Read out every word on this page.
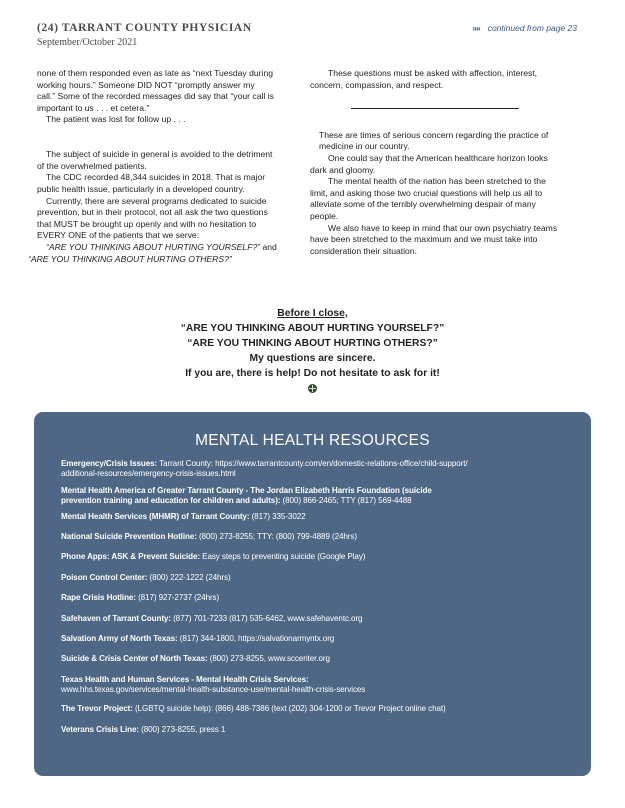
(24) TARRANT COUNTY PHYSICIAN
September/October 2021
»» continued from page 23

none of them responded even as late as “next Tuesday during
working hours.” Someone DID NOT “promptly answer my
call.” Some of the recorded messages did say that “your call is
important to us . . . et cetera.”

The patient was lost for follow up . . .

The subject of suicide in general is avoided to the detriment
of the overwhelmed patients.

The CDC recorded 48,344 suicides in 2018. That is major
public health issue, particularly in a developed country.

Currently, there are several programs dedicated to suicide
prevention, but in their protocol, not all ask the two questions
that MUST be brought up openly and with no hesitation to
EVERY ONE of the patients that we serve:

“ARE YOU THINKING ABOUT HURTING YOURSELF?” and
“ARE YOU THINKING ABOUT HURTING OTHERS?”

These questions must be asked with affection, interest,
concern, compassion, and respect.

These are times of serious concern regarding the practice of
medicine in our country.

One could say that the American healthcare horizon looks
dark and gloomy.

The mental health of the nation has been stretched to the
limit, and asking those two crucial questions will help us all to
alleviate some of the terribly overwhelming despair of many
people.

We also have to keep in mind that our own psychiatry teams
have been stretched to the maximum and we must take into
consideration their situation.

Before I close,
“ARE YOU THINKING ABOUT HURTING YOURSELF?”
“ARE YOU THINKING ABOUT HURTING OTHERS?”
My questions are sincere.
If you are, there is help! Do not hesitate to ask for it!
MENTAL HEALTH RESOURCES
Emergency/Crisis Issues: Tarrant County: https://www.tarrantcounty.com/en/domestic-relations-office/child-support/
additional-resources/emergency-crisis-issues.html
Mental Health America of Greater Tarrant County - The Jordan Elizabeth Harris Foundation (suicide
prevention training and education for children and adults): (800) 866-2465; TTY (817) 569-4488
Mental Health Services (MHMR) of Tarrant County: (817) 335-3022
National Suicide Prevention Hotline: (800) 273-8255; TTY: (800) 799-4889 (24hrs)
Phone Apps: ASK & Prevent Suicide: Easy steps to preventing suicide (Google Play)
Poison Control Center: (800) 222-1222 (24hrs)
Rape Crisis Hotline: (817) 927-2737 (24hrs)
Safehaven of Tarrant County: (877) 701-7233 (817) 535-6462, www.safehaventc.org
Salvation Army of North Texas: (817) 344-1800, https://salvationarmyntx.org
Suicide & Crisis Center of North Texas: (800) 273-8255, www.sccenter.org
Texas Health and Human Services - Mental Health Crisis Services:
www.hhs.texas.gov/services/mental-health-substance-use/mental-health-crisis-services
The Trevor Project: (LGBTQ suicide help): (866) 488-7386 (text (202) 304-1200 or Trevor Project online chat)
Veterans Crisis Line: (800) 273-8255, press 1
